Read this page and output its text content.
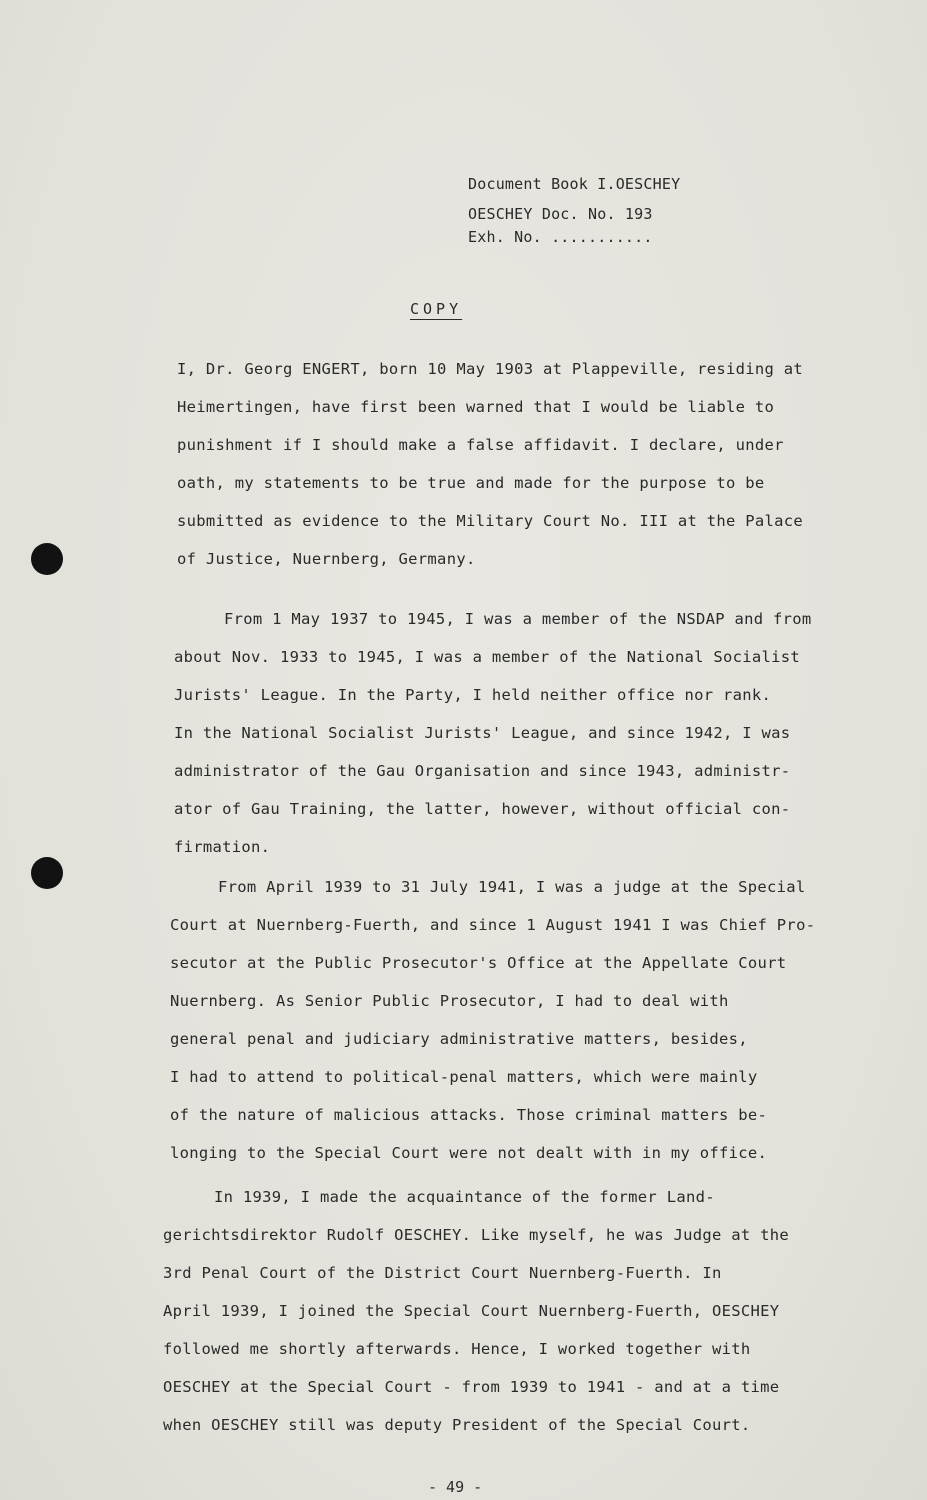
Document Book I.OESCHEY
OESCHEY Doc. No. 193
Exh. No. ...........
COPY
I, Dr. Georg ENGERT, born 10 May 1903 at Plappeville, residing at
Heimertingen, have first been warned that I would be liable to
punishment if I should make a false affidavit. I declare, under
oath, my statements to be true and made for the purpose to be
submitted as evidence to the Military Court No. III at the Palace
of Justice, Nuernberg, Germany.
From 1 May 1937 to 1945, I was a member of the NSDAP and from
about Nov. 1933 to 1945, I was a member of the National Socialist
Jurists' League. In the Party, I held neither office nor rank.
In the National Socialist Jurists' League, and since 1942, I was
administrator of the Gau Organisation and since 1943, administr-
ator of Gau Training, the latter, however, without official con-
firmation.
From April 1939 to 31 July 1941, I was a judge at the Special
Court at Nuernberg-Fuerth, and since 1 August 1941 I was Chief Pro-
secutor at the Public Prosecutor's Office at the Appellate Court
Nuernberg. As Senior Public Prosecutor, I had to deal with
general penal and judiciary administrative matters, besides,
I had to attend to political-penal matters, which were mainly
of the nature of malicious attacks. Those criminal matters be-
longing to the Special Court were not dealt with in my office.
In 1939, I made the acquaintance of the former Land-
gerichtsdirektor Rudolf OESCHEY. Like myself, he was Judge at the
3rd Penal Court of the District Court Nuernberg-Fuerth. In
April 1939, I joined the Special Court Nuernberg-Fuerth, OESCHEY
followed me shortly afterwards. Hence, I worked together with
OESCHEY at the Special Court - from 1939 to 1941 - and at a time
when OESCHEY still was deputy President of the Special Court.
- 49 -
